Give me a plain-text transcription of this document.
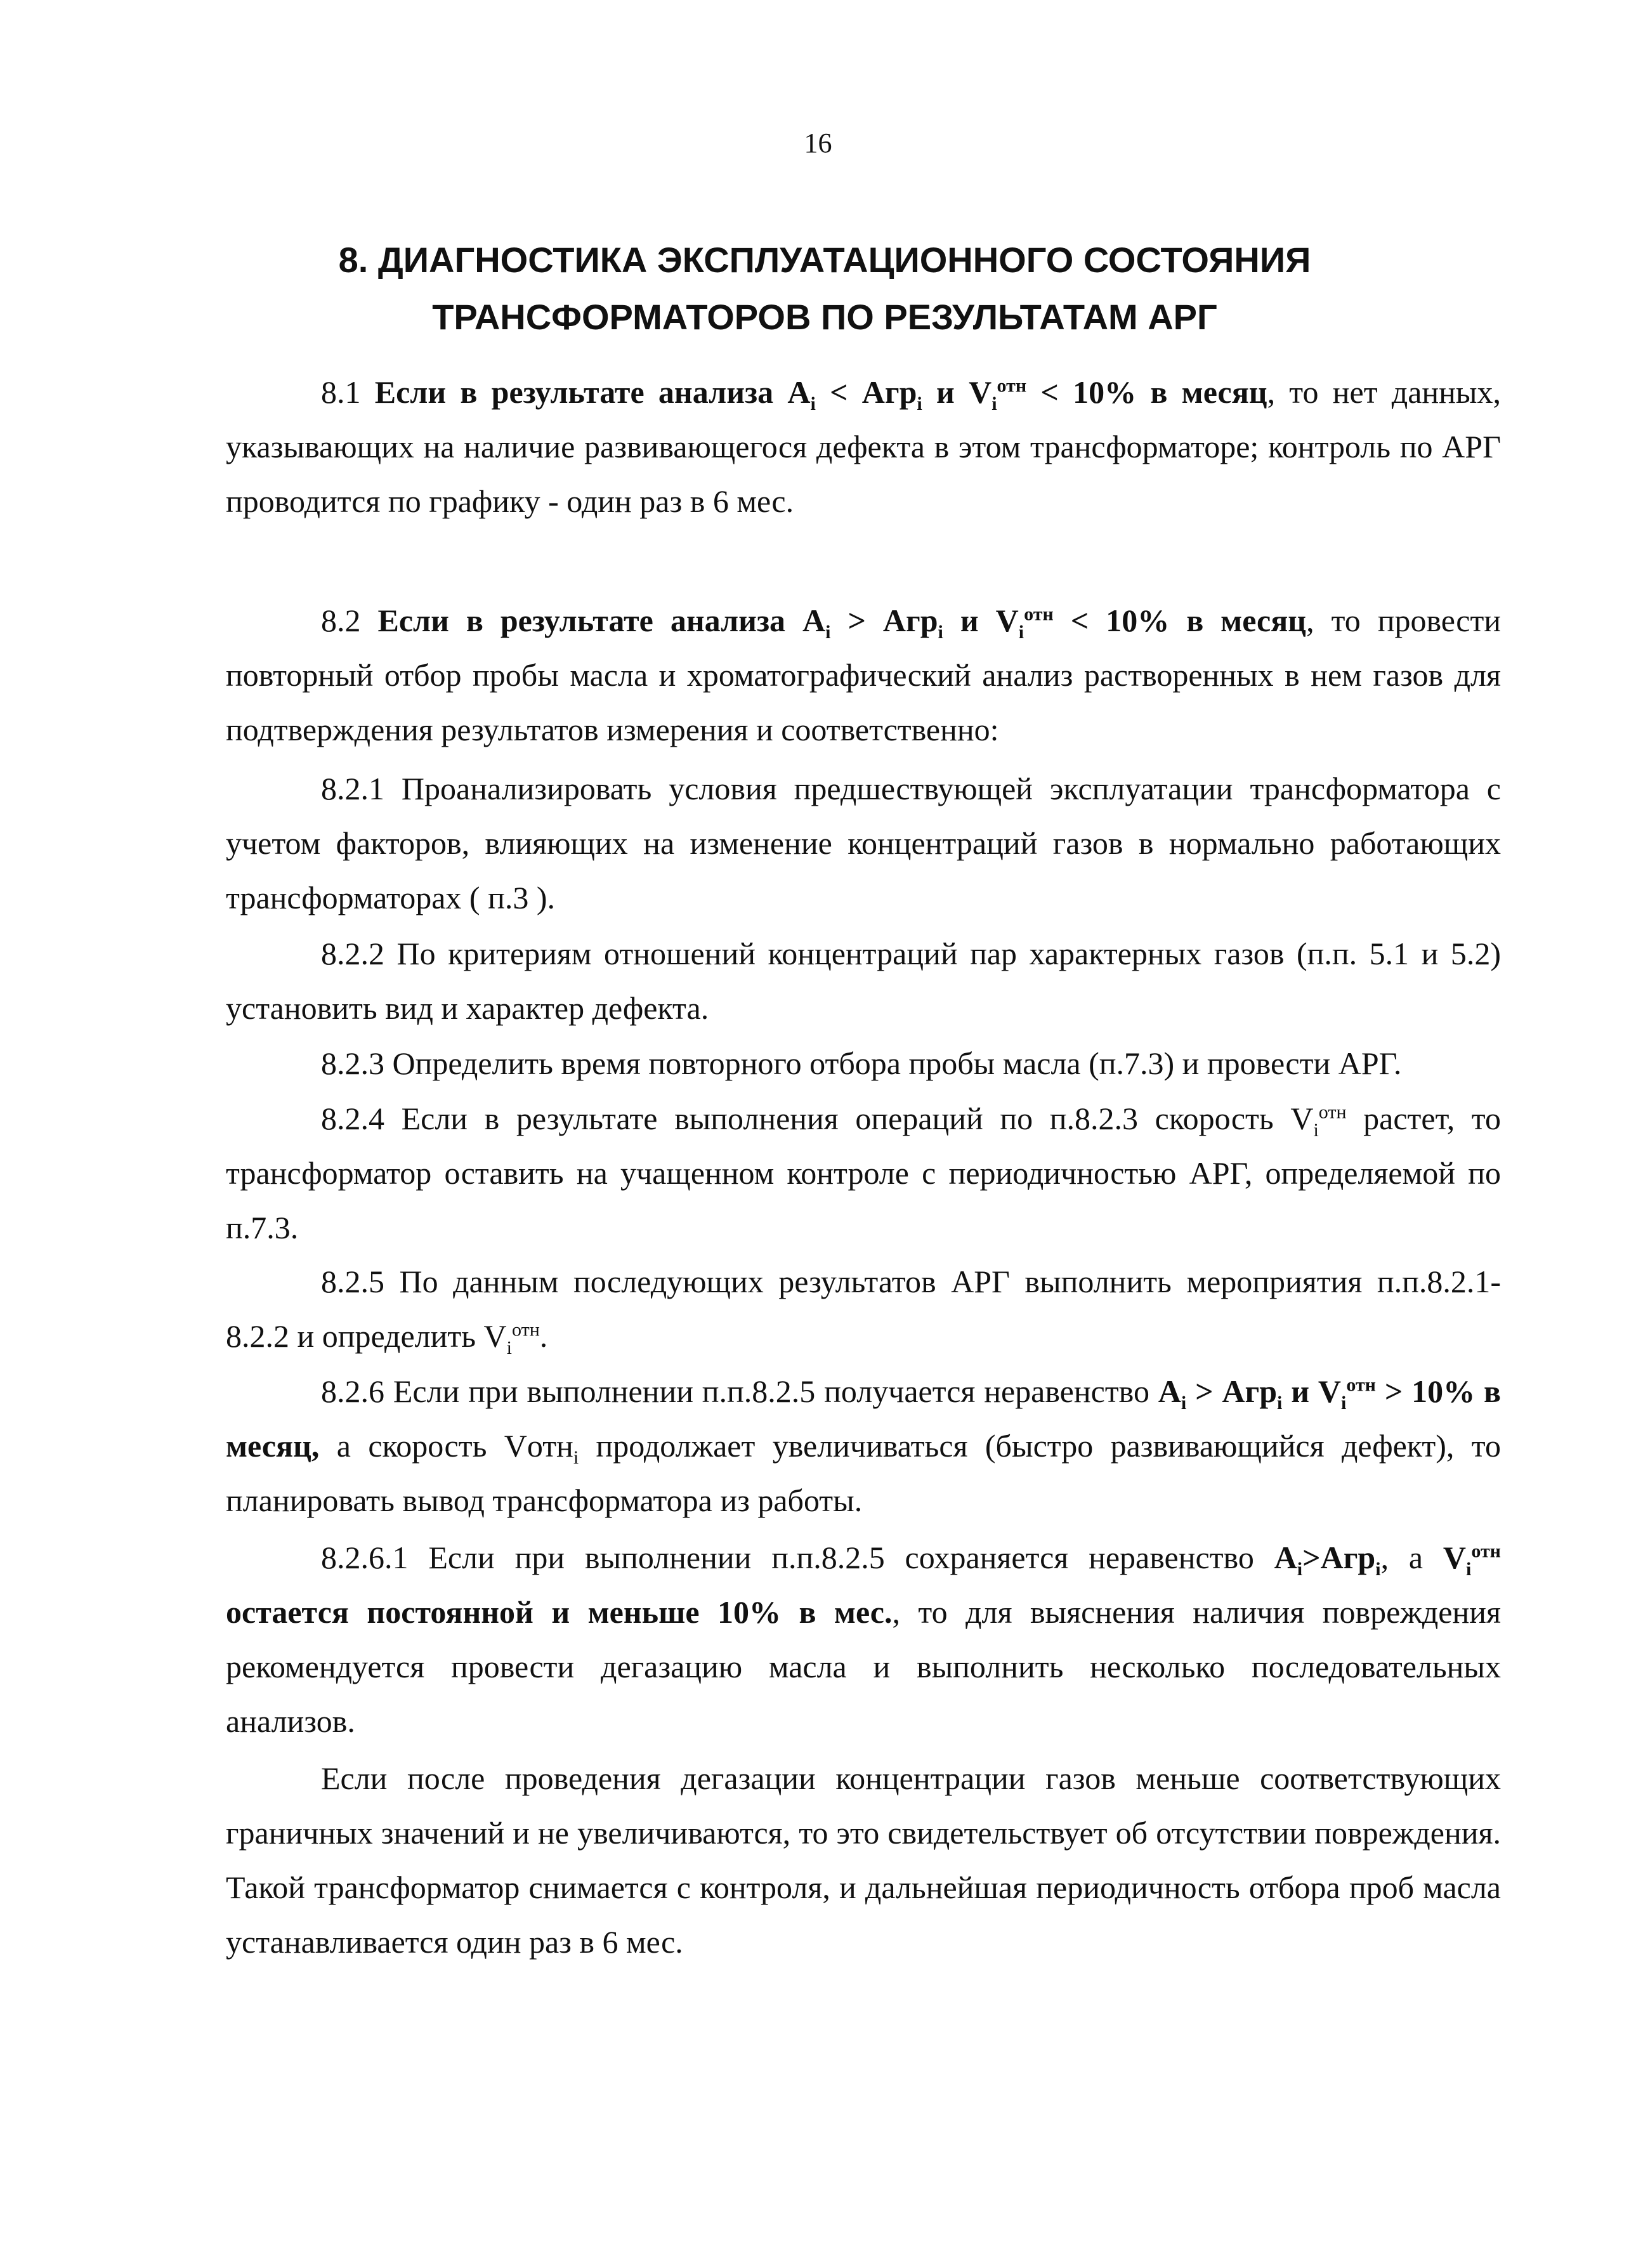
16
8. ДИАГНОСТИКА ЭКСПЛУАТАЦИОННОГО СОСТОЯНИЯ
ТРАНСФОРМАТОРОВ ПО РЕЗУЛЬТАТАМ АРГ

8.1 Если в результате анализа $A_i < Агр_i$ и $V_i^{отн} < 10\%$ в месяц, то нет данных, указывающих на наличие развивающегося дефекта в этом трансформаторе; контроль по АРГ проводится по графику - один раз в 6 мес.

8.2 Если в результате анализа $A_i > Агр_i$ и $V_i^{отн} < 10\%$ в месяц, то провести повторный отбор пробы масла и хроматографический анализ растворенных в нем газов для подтверждения результатов измерения и соответственно:

8.2.1 Проанализировать условия предшествующей эксплуатации трансформатора с учетом факторов, влияющих на изменение концентраций газов в нормально работающих трансформаторах ( п.3 ).

8.2.2 По критериям отношений концентраций пар характерных газов (п.п. 5.1 и 5.2) установить вид и характер дефекта.

8.2.3 Определить время повторного отбора пробы масла (п.7.3) и провести АРГ.

8.2.4 Если в результате выполнения операций по п.8.2.3 скорость $V_i^{отн}$ растет, то трансформатор оставить на учащенном контроле с периодичностью АРГ, определяемой по п.7.3.

8.2.5 По данным последующих результатов АРГ выполнить мероприятия п.п.8.2.1-8.2.2 и определить $V_i^{отн}$.

8.2.6 Если при выполнении п.п.8.2.5 получается неравенство $A_i > Агр_i$ и $V_i^{отн} > 10\%$ в месяц, а скорость Vотн$_i$ продолжает увеличиваться (быстро развивающийся дефект), то планировать вывод трансформатора из работы.

8.2.6.1 Если при выполнении п.п.8.2.5 сохраняется неравенство $A_i>Агр_i$, а $V_i^{отн}$ остается постоянной и меньше 10% в мес., то для выяснения наличия повреждения рекомендуется провести дегазацию масла и выполнить несколько последовательных анализов.

Если после проведения дегазации концентрации газов меньше соответствующих граничных значений и не увеличиваются, то это свидетельствует об отсутствии повреждения. Такой трансформатор снимается с контроля, и дальнейшая периодичность отбора проб масла устанавливается один раз в 6 мес.
